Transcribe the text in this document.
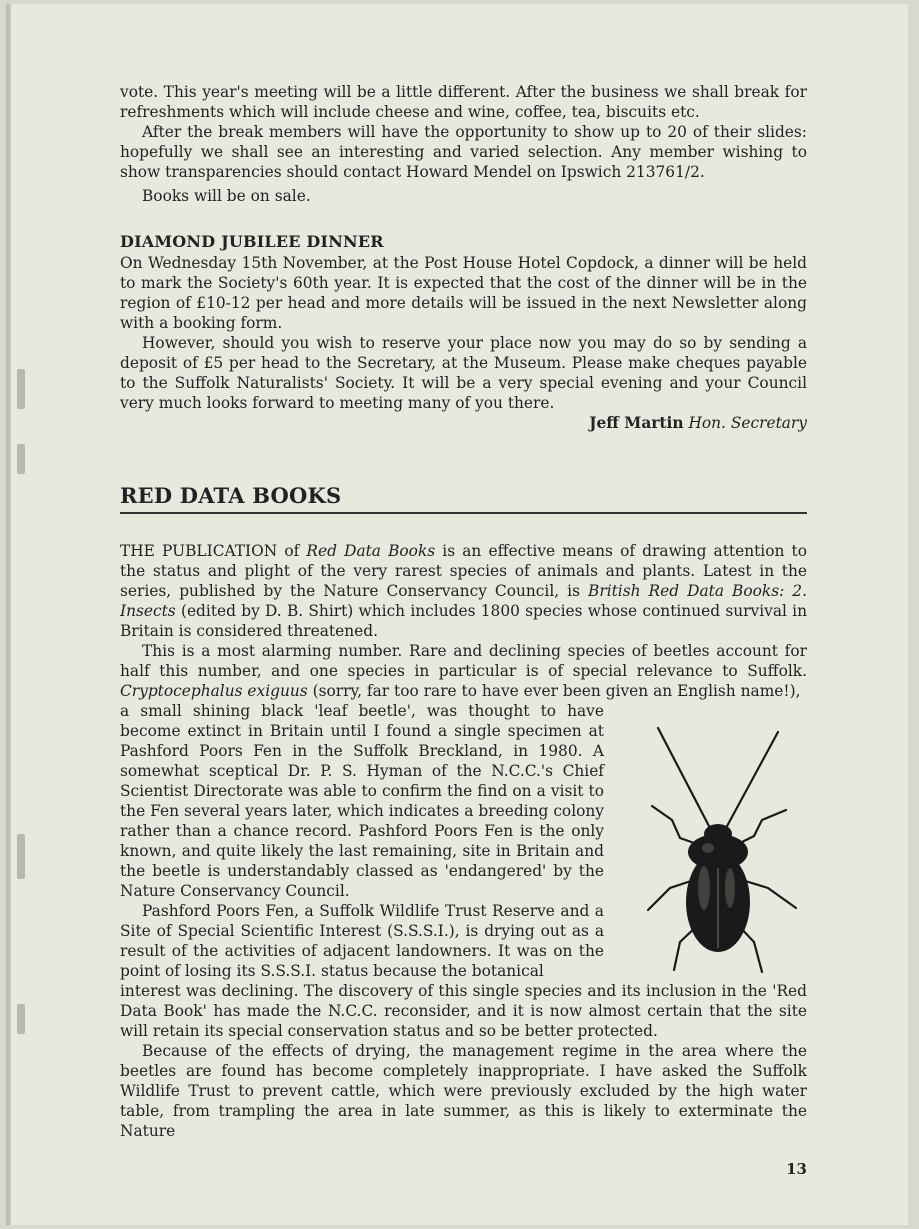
vote. This year's meeting will be a little different. After the business we shall break for refreshments which will include cheese and wine, coffee, tea, biscuits etc.

After the break members will have the opportunity to show up to 20 of their slides: hopefully we shall see an interesting and varied selection. Any member wishing to show transparencies should contact Howard Mendel on Ipswich 213761/2.

Books will be on sale.

DIAMOND JUBILEE DINNER

On Wednesday 15th November, at the Post House Hotel Copdock, a dinner will be held to mark the Society's 60th year. It is expected that the cost of the dinner will be in the region of £10-12 per head and more details will be issued in the next Newsletter along with a booking form.

However, should you wish to reserve your place now you may do so by sending a deposit of £5 per head to the Secretary, at the Museum. Please make cheques payable to the Suffolk Naturalists' Society. It will be a very special evening and your Council very much looks forward to meeting many of you there.

Jeff Martin Hon. Secretary
RED DATA BOOKS

THE PUBLICATION of Red Data Books is an effective means of drawing attention to the status and plight of the very rarest species of animals and plants. Latest in the series, published by the Nature Conservancy Council, is British Red Data Books: 2. Insects (edited by D. B. Shirt) which includes 1800 species whose continued survival in Britain is considered threatened.

This is a most alarming number. Rare and declining species of beetles account for half this number, and one species in particular is of special relevance to Suffolk. Cryptocephalus exiguus (sorry, far too rare to have ever been given an English name!),

a small shining black 'leaf beetle', was thought to have become extinct in Britain until I found a single specimen at Pashford Poors Fen in the Suffolk Breckland, in 1980. A somewhat sceptical Dr. P. S. Hyman of the N.C.C.'s Chief Scientist Directorate was able to confirm the find on a visit to the Fen several years later, which indicates a breeding colony rather than a chance record. Pashford Poors Fen is the only known, and quite likely the last remaining, site in Britain and the beetle is understandably classed as 'endangered' by the Nature Conservancy Council.

Pashford Poors Fen, a Suffolk Wildlife Trust Reserve and a Site of Special Scientific Interest (S.S.S.I.), is drying out as a result of the activities of adjacent landowners. It was on the point of losing its S.S.S.I. status because the botanical

interest was declining. The discovery of this single species and its inclusion in the 'Red Data Book' has made the N.C.C. reconsider, and it is now almost certain that the site will retain its special conservation status and so be better protected.

Because of the effects of drying, the management regime in the area where the beetles are found has become completely inappropriate. I have asked the Suffolk Wildlife Trust to prevent cattle, which were previously excluded by the high water table, from trampling the area in late summer, as this is likely to exterminate the Nature

13
